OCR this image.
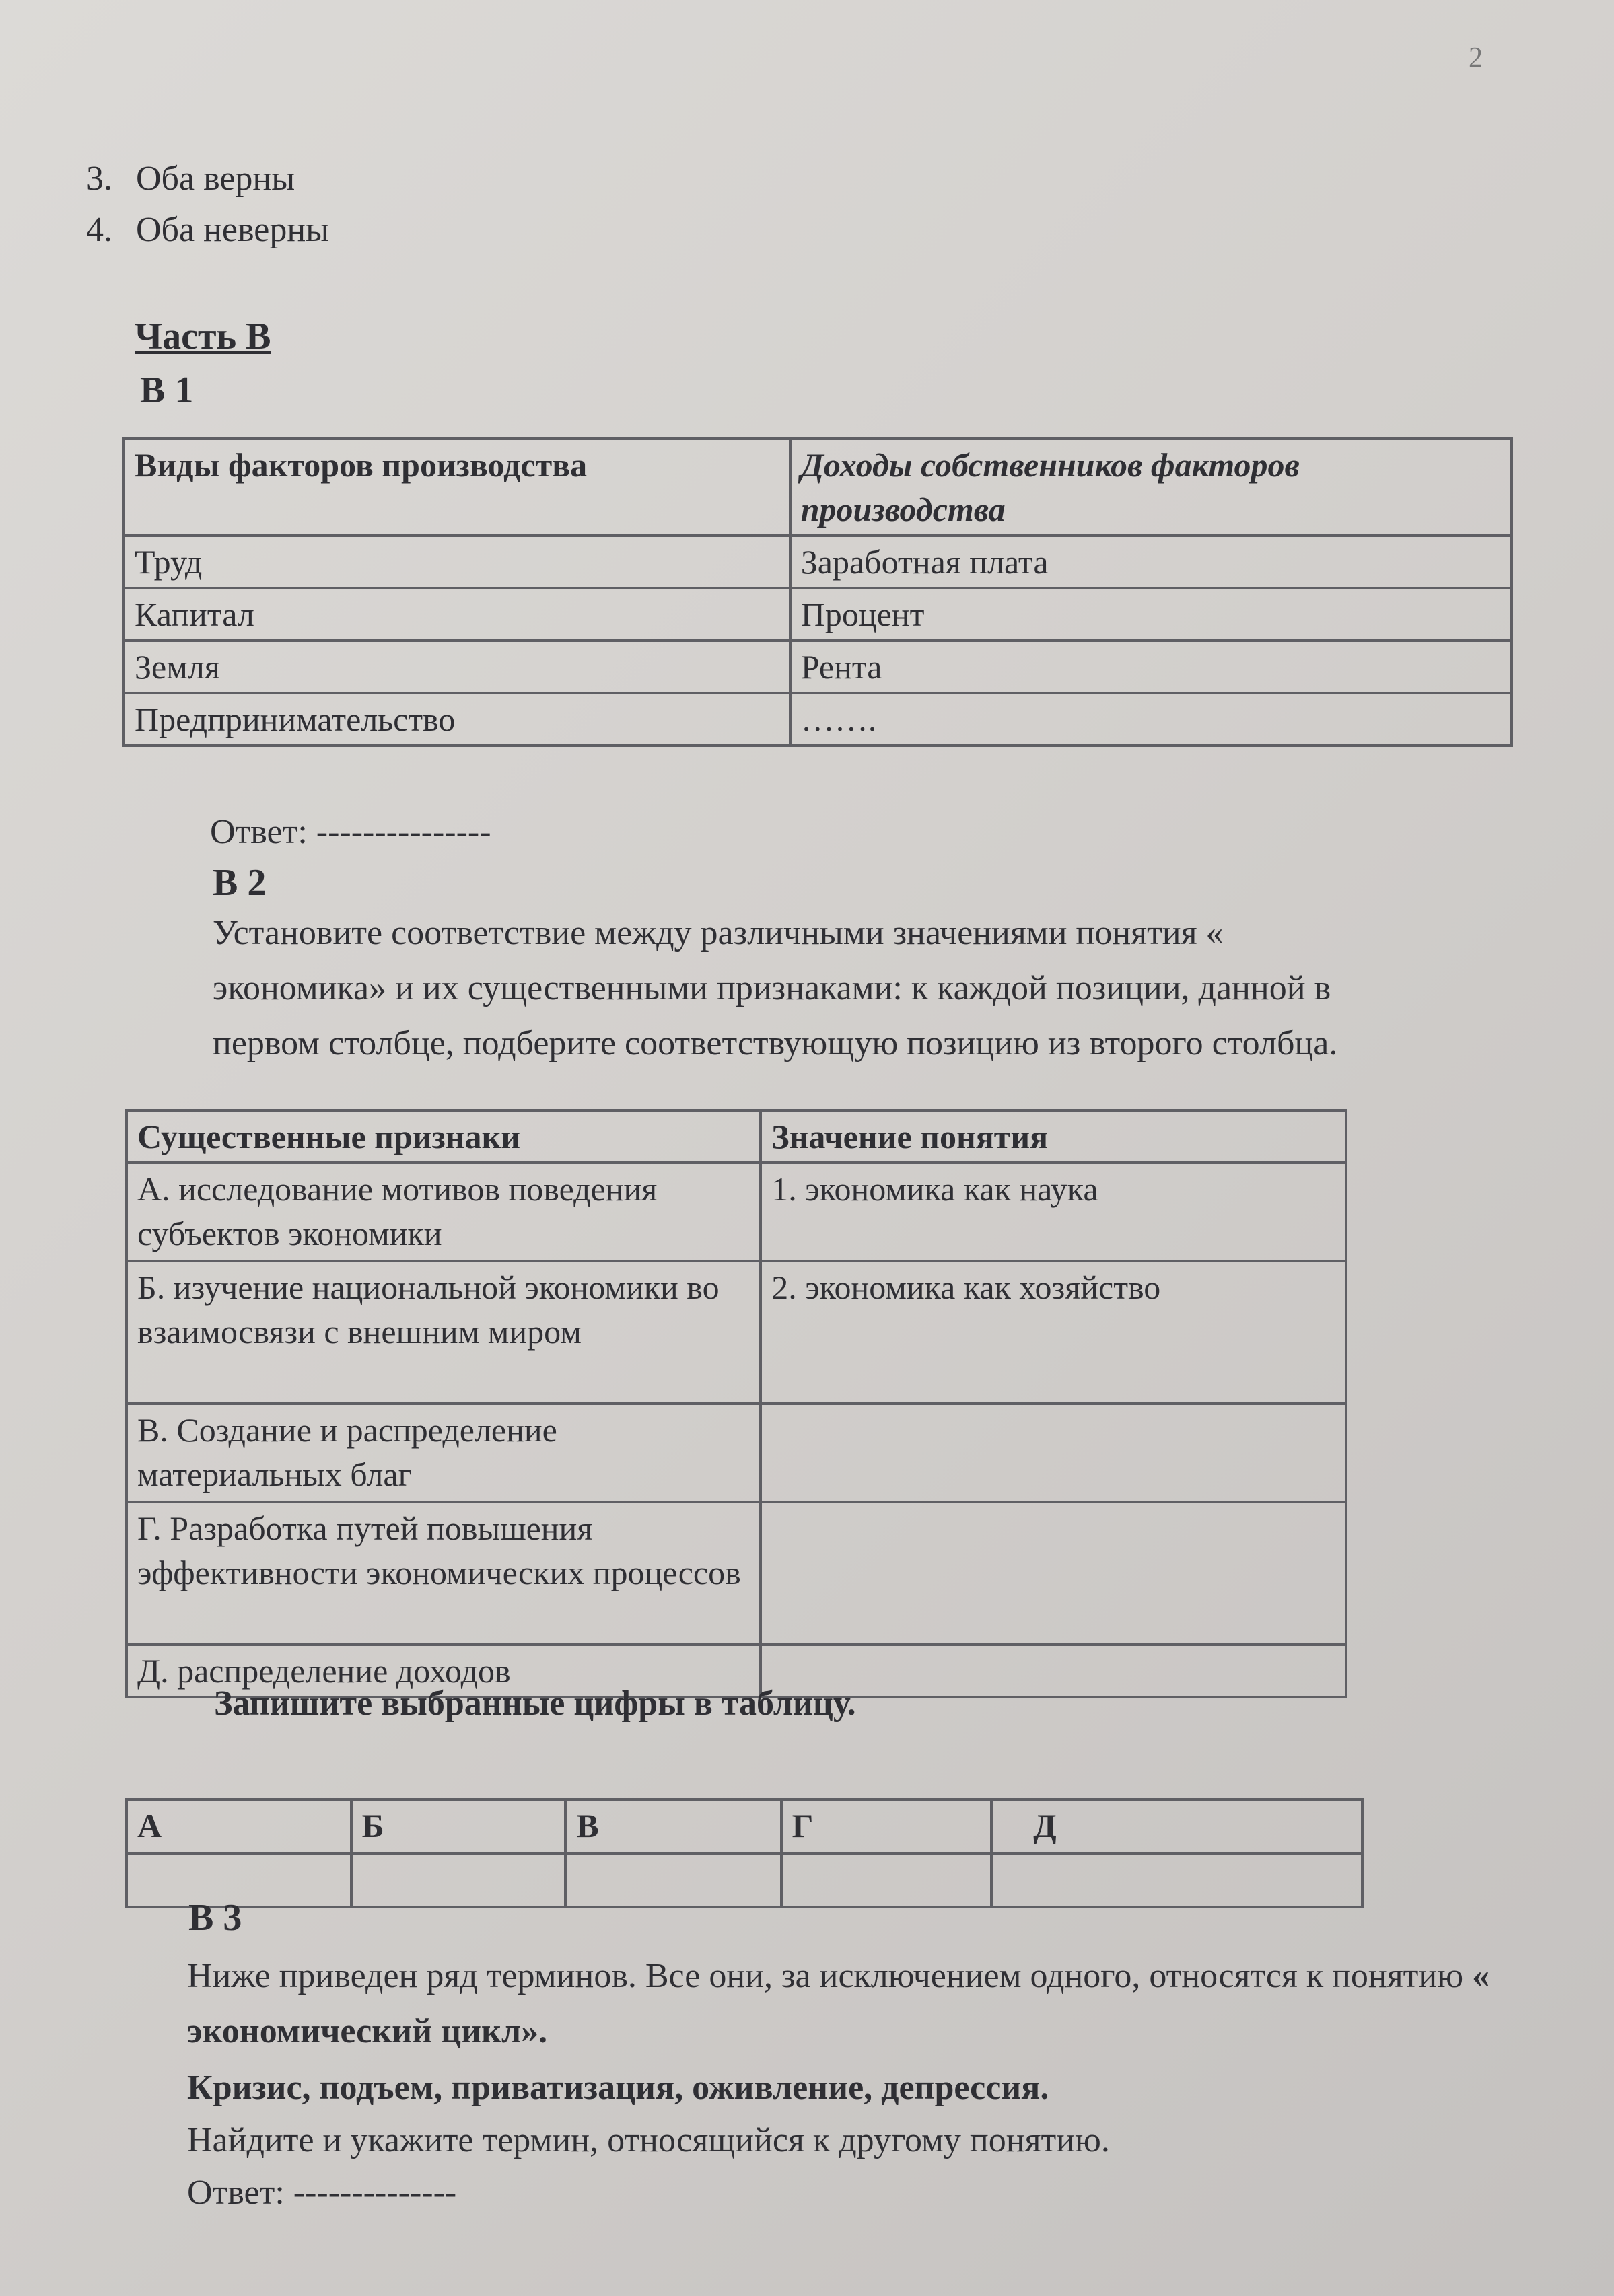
2
3. Оба верны
4. Оба неверны
Часть В
В 1
Виды факторов производства	Доходы собственников факторов производства
Труд	Заработная плата
Капитал	Процент
Земля	Рента
Предпринимательство	…….
Ответ: ---------------
В 2
Установите соответствие между различными значениями понятия « экономика» и их существенными признаками: к каждой позиции, данной в первом столбце, подберите соответствующую позицию из второго столбца.
Существенные признаки	Значение понятия
А. исследование мотивов поведения субъектов экономики	1. экономика как наука
Б. изучение национальной экономики во взаимосвязи с внешним миром	2. экономика как хозяйство
В. Создание и распределение материальных благ	
Г. Разработка путей повышения эффективности экономических процессов	
Д. распределение доходов	
Запишите выбранные цифры в таблицу.
А	Б	В	Г	Д

В 3
Ниже приведен ряд терминов. Все они, за исключением одного, относятся к понятию « экономический цикл».
Кризис, подъем, приватизация, оживление, депрессия.
Найдите и укажите термин, относящийся к другому понятию.
Ответ: --------------
